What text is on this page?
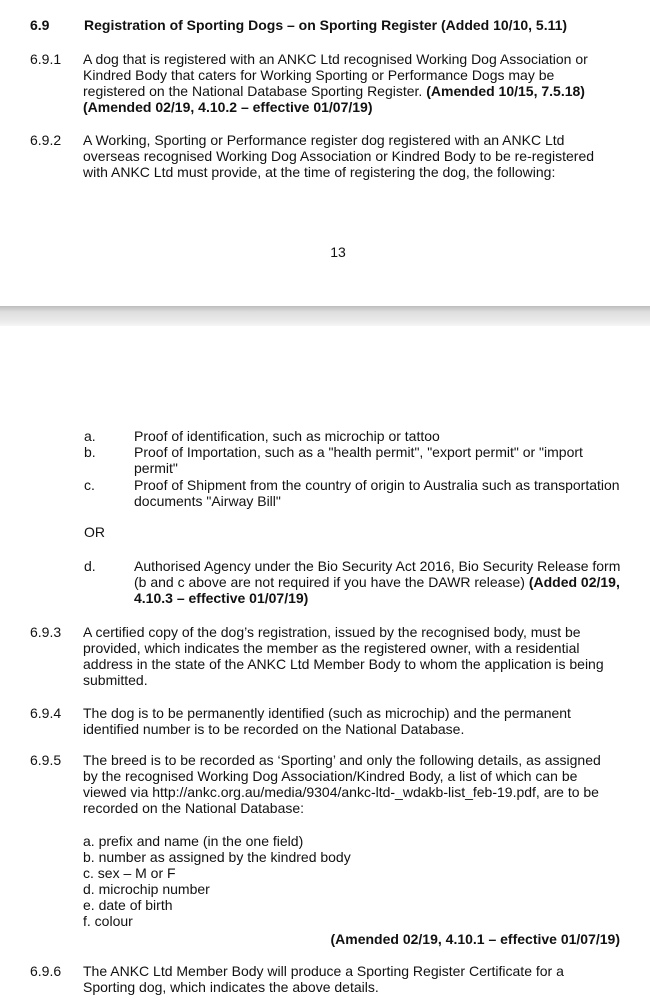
6.9 Registration of Sporting Dogs – on Sporting Register (Added 10/10, 5.11)
6.9.1 A dog that is registered with an ANKC Ltd recognised Working Dog Association or Kindred Body that caters for Working Sporting or Performance Dogs may be registered on the National Database Sporting Register. (Amended 10/15, 7.5.18) (Amended 02/19, 4.10.2 – effective 01/07/19)
6.9.2 A Working, Sporting or Performance register dog registered with an ANKC Ltd overseas recognised Working Dog Association or Kindred Body to be re-registered with ANKC Ltd must provide, at the time of registering the dog, the following:
13
a.	Proof of identification, such as microchip or tattoo
b.	Proof of Importation, such as a "health permit", "export permit" or "import permit"
c.	Proof of Shipment from the country of origin to Australia such as transportation documents "Airway Bill"
OR
d.	Authorised Agency under the Bio Security Act 2016, Bio Security Release form (b and c above are not required if you have the DAWR release) (Added 02/19, 4.10.3 – effective 01/07/19)
6.9.3 A certified copy of the dog’s registration, issued by the recognised body, must be provided, which indicates the member as the registered owner, with a residential address in the state of the ANKC Ltd Member Body to whom the application is being submitted.
6.9.4 The dog is to be permanently identified (such as microchip) and the permanent identified number is to be recorded on the National Database.
6.9.5 The breed is to be recorded as ‘Sporting’ and only the following details, as assigned by the recognised Working Dog Association/Kindred Body, a list of which can be viewed via http://ankc.org.au/media/9304/ankc-ltd-_wdakb-list_feb-19.pdf, are to be recorded on the National Database:
a. prefix and name (in the one field)
b. number as assigned by the kindred body
c. sex – M or F
d. microchip number
e. date of birth
f. colour
(Amended 02/19, 4.10.1 – effective 01/07/19)
6.9.6 The ANKC Ltd Member Body will produce a Sporting Register Certificate for a Sporting dog, which indicates the above details.
